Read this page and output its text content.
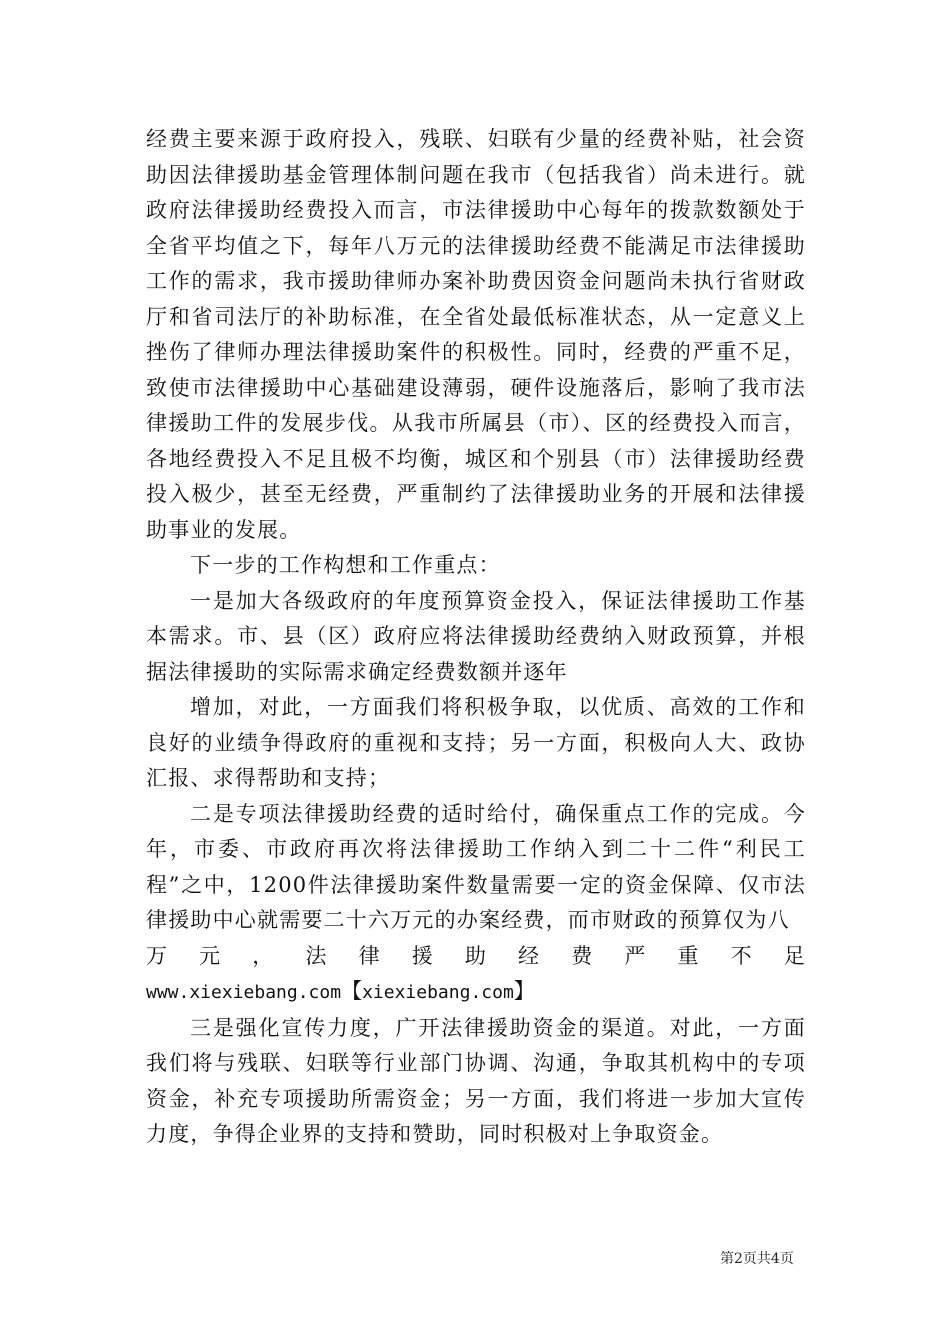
经费主要来源于政府投入，残联、妇联有少量的经费补贴，社会资助因法律援助基金管理体制问题在我市（包括我省）尚未进行。就政府法律援助经费投入而言，市法律援助中心每年的拨款数额处于全省平均值之下，每年八万元的法律援助经费不能满足市法律援助工作的需求，我市援助律师办案补助费因资金问题尚未执行省财政厅和省司法厅的补助标准，在全省处最低标准状态，从一定意义上挫伤了律师办理法律援助案件的积极性。同时，经费的严重不足，致使市法律援助中心基础建设薄弱，硬件设施落后，影响了我市法律援助工件的发展步伐。从我市所属县（市）、区的经费投入而言，各地经费投入不足且极不均衡，城区和个别县（市）法律援助经费投入极少，甚至无经费，严重制约了法律援助业务的开展和法律援助事业的发展。

下一步的工作构想和工作重点：

一是加大各级政府的年度预算资金投入，保证法律援助工作基本需求。市、县（区）政府应将法律援助经费纳入财政预算，并根据法律援助的实际需求确定经费数额并逐年

增加，对此，一方面我们将积极争取，以优质、高效的工作和良好的业绩争得政府的重视和支持；另一方面，积极向人大、政协汇报、求得帮助和支持；

二是专项法律援助经费的适时给付，确保重点工作的完成。今年，市委、市政府再次将法律援助工作纳入到二十二件“利民工程”之中，1200件法律援助案件数量需要一定的资金保障、仅市法律援助中心就需要二十六万元的办案经费，而市财政的预算仅为八

万元，法律援助经费严重不足

www.xiexiebang.com【xiexiebang.com】

三是强化宣传力度，广开法律援助资金的渠道。对此，一方面我们将与残联、妇联等行业部门协调、沟通，争取其机构中的专项资金，补充专项援助所需资金；另一方面，我们将进一步加大宣传力度，争得企业界的支持和赞助，同时积极对上争取资金。

第2页共4页
